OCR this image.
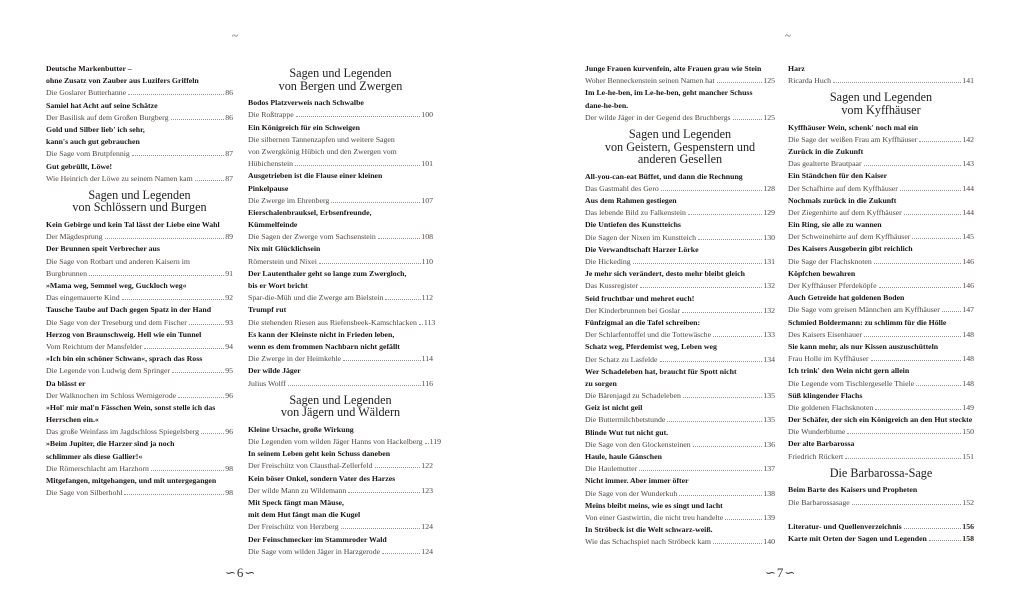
~	~
Deutsche Markenbutter –
ohne Zusatz von Zauber aus Luzifers Griffeln
Die Goslarer Butterhanne	86
Samiel hat Acht auf seine Schätze
Der Basilisk auf dem Großen Burgberg	86
Gold und Silber lieb' ich sehr,
kann's auch gut gebrauchen
Die Sage vom Brutpfennig	87
Gut gebrüllt, Löwe!
Wie Heinrich der Löwe zu seinem Namen kam	87
Sagen und Legenden
von Schlössern und Burgen
Kein Gebirge und kein Tal lässt der Liebe eine Wahl
Der Mägdesprung	89
Der Brunnen speit Verbrecher aus
Die Sage von Rotbart und anderen Kaisern im
Burgbrunnen	91
»Mama weg, Semmel weg, Guckloch weg«
Das eingemauerte Kind	92
Tausche Taube auf Dach gegen Spatz in der Hand
Die Sage von der Treseburg und dem Fischer	93
Herzog von Braunschweig. Hell wie ein Tunnel
Vom Reichtum der Mansfelder	94
»Ich bin ein schöner Schwan«, sprach das Ross
Die Legende von Ludwig dem Springer	95
Da blässt er
Der Walknochen im Schloss Wernigerode	96
»Hol' mir mal'n Fässchen Wein, sonst stelle ich das
Herrschen ein.«
Das große Weinfass im Jagdschloss Spiegelsberg	96
»Beim Jupiter, die Harzer sind ja noch
schlimmer als diese Gallier!«
Die Römerschlacht am Harzhorn	98
Mitgefangen, mitgehangen, und mit untergegangen
Die Sage von Silberhohl	98
Sagen und Legenden
von Bergen und Zwergen
Bodos Platzverweis nach Schwalbe
Die Roßtrappe	100
Ein Königreich für ein Schweigen
Die silbernen Tannenzapfen und weitere Sagen
von Zwergkönig Hübich und den Zwergen vom
Hübichenstein	101
Ausgetrieben ist die Flause einer kleinen
Pinkelpause
Die Zwerge im Ehrenberg	107
Eierschalenbrauksel, Erbsenfreunde,
Kümmelfeinde
Die Sagen der Zwerge vom Sachsenstein	108
Nix mit Glücklichsein
Römerstein und Nixei	110
Der Lautenthaler geht so lange zum Zwergloch,
bis er Wort bricht
Spar-die-Müh und die Zwerge am Bielstein	112
Trumpf rut
Die stehenden Riesen aus Riefensbeek-Kamschlacken 113
Es kann der Kleinste nicht in Frieden leben,
wenn es dem frommen Nachbarn nicht gefällt
Die Zwerge in der Heimkehle	114
Der wilde Jäger
Julius Wolff	116
Sagen und Legenden
von Jägern und Wäldern
Kleine Ursache, große Wirkung
Die Legenden vom wilden Jäger Hanns von Hackelberg 119
In seinem Leben geht kein Schuss daneben
Der Freischütz von Clausthal-Zellerfeld	122
Kein böser Onkel, sondern Vater des Harzes
Der wilde Mann zu Wildemann	123
Mit Speck fängt man Mäuse,
mit dem Hut fängt man die Kugel
Der Freischütz von Herzberg	124
Der Feinschmecker im Stammroder Wald
Die Sage vom wilden Jäger in Harzgerode	124
Junge Frauen kurvenfein, alte Frauen grau wie Stein
Woher Benneckenstein seinen Namen hat	125
Im Le-he-ben, im Le-he-ben, geht mancher Schuss
dane-he-ben.
Der wilde Jäger in der Gegend des Bruchbergs	125
Sagen und Legenden
von Geistern, Gespenstern und
anderen Gesellen
All-you-can-eat Büffet, und dann die Rechnung
Das Gastmahl des Gero	128
Aus dem Rahmen gestiegen
Das lebende Bild zu Falkenstein	129
Die Untiefen des Kunstteichs
Die Sagen der Nixen im Kunstteich	130
Die Verwandtschaft Harzer Lörke
Die Hickeding	131
Je mehr sich verändert, desto mehr bleibt gleich
Das Kussregister	132
Seid fruchtbar und mehret euch!
Der Kinderbrunnen bei Goslar	132
Fünfzigmal an die Tafel schreiben:
Der Schlarfentoffel und die Tottewäsche	133
Schatz weg, Pferdemist weg, Leben weg
Der Schatz zu Lasfelde	134
Wer Schadeleben hat, braucht für Spott nicht
zu sorgen
Die Bärenjagd zu Schadeleben	135
Geiz ist nicht geil
Die Buttermilchbetstunde	135
Blinde Wut tut nicht gut.
Die Sage von den Glockensteinen	136
Haule, haule Gänschen
Die Haulemutter	137
Nicht immer. Aber immer öfter
Die Sage von der Wunderkuh	138
Meins bleibt meins, wie es singt und lacht
Von einer Gastwirtin, die nicht treu handelte	139
In Ströbeck ist die Welt schwarz-weiß.
Wie das Schachspiel nach Ströbeck kam	140
Harz
Ricarda Huch	141
Sagen und Legenden
vom Kyffhäuser
Kyffhäuser Wein, schenk' noch mal ein
Die Sage der weißen Frau am Kyffhäuser	142
Zurück in die Zukunft
Das gealterte Brautpaar	143
Ein Ständchen für den Kaiser
Der Schafhirte auf dem Kyffhäuser	144
Nochmals zurück in die Zukunft
Der Ziegenhirte auf dem Kyffhäuser	144
Ein Ring, sie alle zu wannen
Der Schweinehirte auf dem Kyffhäuser	145
Des Kaisers Ausgeberin gibt reichlich
Die Sage der Flachsknoten	146
Köpfchen bewahren
Der Kyffhäuser Pferdeköpfe	146
Auch Getreide hat goldenen Boden
Die Sage vom greisen Männchen am Kyffhäuser	147
Schmied Boldermann: zu schlimm für die Hölle
Des Kaisers Eisenhauer	148
Sie kann mehr, als nur Kissen auszuschütteln
Frau Holle im Kyffhäuser	148
Ich trink' den Wein nicht gern allein
Die Legende vom Tischlergeselle Thiele	148
Süß klingender Flachs
Die goldenen Flachsknoten	149
Der Schäfer, der sich ein Königreich an den Hut steckte
Die Wunderblume	150
Der alte Barbarossa
Friedrich Rückert	151
Die Barbarossa-Sage
Beim Barte des Kaisers und Propheten
Die Barbarossasage	152
Literatur- und Quellenverzeichnis	156
Karte mit Orten der Sagen und Legenden	158
∽6∽	∽7∽
